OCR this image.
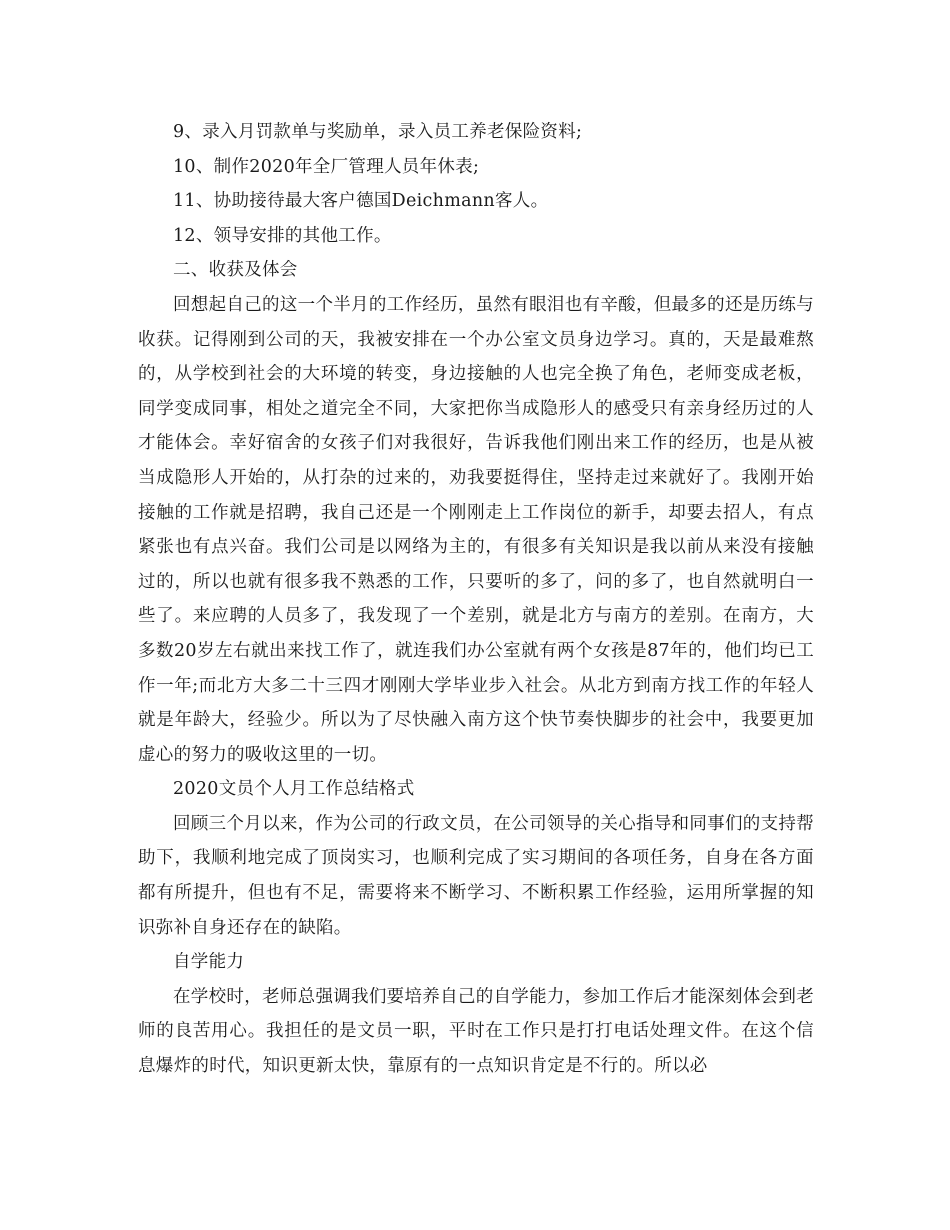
9、录入月罚款单与奖励单，录入员工养老保险资料;

10、制作2020年全厂管理人员年休表;

11、协助接待最大客户德国Deichmann客人。

12、领导安排的其他工作。

二、收获及体会

回想起自己的这一个半月的工作经历，虽然有眼泪也有辛酸，但最多的还是历练与收获。记得刚到公司的天，我被安排在一个办公室文员身边学习。真的，天是最难熬的，从学校到社会的大环境的转变，身边接触的人也完全换了角色，老师变成老板，同学变成同事，相处之道完全不同，大家把你当成隐形人的感受只有亲身经历过的人才能体会。幸好宿舍的女孩子们对我很好，告诉我他们刚出来工作的经历，也是从被当成隐形人开始的，从打杂的过来的，劝我要挺得住，坚持走过来就好了。我刚开始接触的工作就是招聘，我自己还是一个刚刚走上工作岗位的新手，却要去招人，有点紧张也有点兴奋。我们公司是以网络为主的，有很多有关知识是我以前从来没有接触过的，所以也就有很多我不熟悉的工作，只要听的多了，问的多了，也自然就明白一些了。来应聘的人员多了，我发现了一个差别，就是北方与南方的差别。在南方，大多数20岁左右就出来找工作了，就连我们办公室就有两个女孩是87年的，他们均已工作一年;而北方大多二十三四才刚刚大学毕业步入社会。从北方到南方找工作的年轻人就是年龄大，经验少。所以为了尽快融入南方这个快节奏快脚步的社会中，我要更加虚心的努力的吸收这里的一切。

2020文员个人月工作总结格式

回顾三个月以来，作为公司的行政文员，在公司领导的关心指导和同事们的支持帮助下，我顺利地完成了顶岗实习，也顺利完成了实习期间的各项任务，自身在各方面都有所提升，但也有不足，需要将来不断学习、不断积累工作经验，运用所掌握的知识弥补自身还存在的缺陷。

自学能力

在学校时，老师总强调我们要培养自己的自学能力，参加工作后才能深刻体会到老师的良苦用心。我担任的是文员一职，平时在工作只是打打电话处理文件。在这个信息爆炸的时代，知识更新太快，靠原有的一点知识肯定是不行的。所以必
